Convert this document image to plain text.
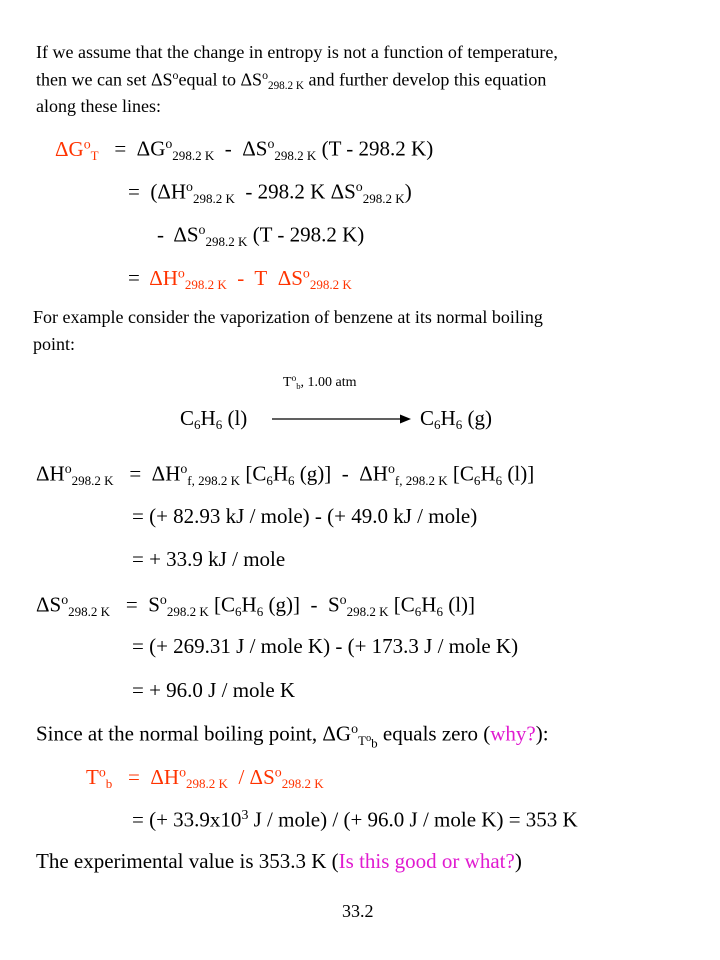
If we assume that the change in entropy is not a function of temperature,
then we can set $\Delta S^oequal$ to $\Delta S^o_{298.2 K}$ and further develop this equation
along these lines:
$\Delta G^o_T = \Delta G^o_{298.2 K} - \Delta S^o_{298.2 K}$ (T - 298.2 K)
= ($\Delta H^o_{298.2 K} - 298.2$ K $\Delta S^o_{298.2 K}$)
- $\Delta S^o_{298.2 K}$ (T - 298.2 K)
= $\Delta H^o_{298.2 K}$ - T $\Delta S^o_{298.2 K}$
For example consider the vaporization of benzene at its normal boiling
point:
$T^o_b$, 1.00 atm
$C_6H_6$ (l)	$C_6H_6$ (g)
$\Delta H^o_{298.2 K} = \Delta H^o_{f, 298.2 K}$ [$C_6H_6$ $(g)] - \Delta H^o_{f, 298.2 K}$ [$C_6H_6$ (l)]
= (+ 82.93 kJ / mole) - (+ 49.0 kJ / mole)
= + 33.9 kJ / mole
$\Delta S^o_{298.2 K} = S^o_{298.2 K}$ [$C_6H_6$ $(g)] - S^o_{298.2 K}$ [$C_6H_6$ (l)]
= (+ 269.31 J / mole K) - (+ 173.3 J / mole K)
= + 96.0 J / mole K
Since at the normal boiling point, $\Delta G^o_{T^o_b}$ equals zero (why?):
$T^o_b = \Delta H^o_{298.2 K} / \Delta S^o_{298.2 K}$
= (+ $33.9x10^3$ J / mole) / (+ 96.0 J / mole K) = 353 K
The experimental value is 353.3 K (Is this good or what?)
33.2
